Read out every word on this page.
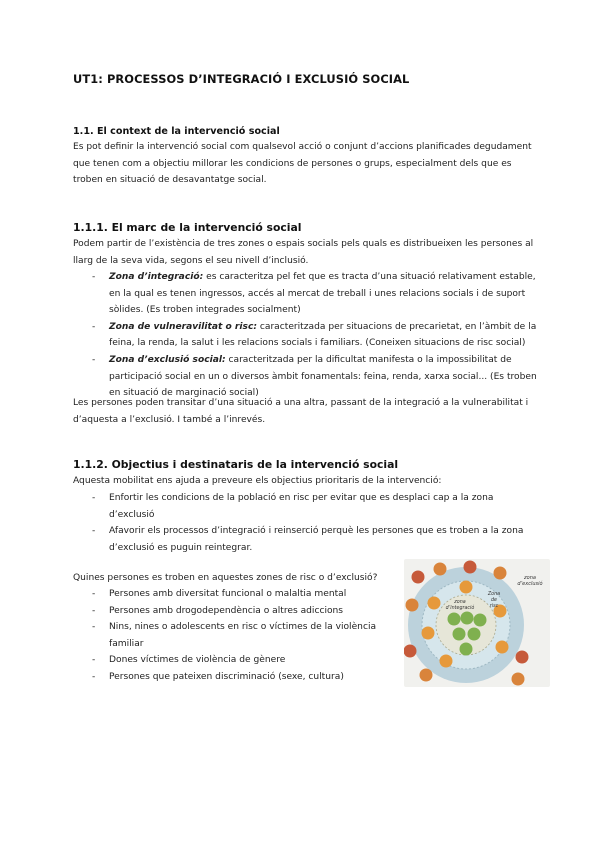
UT1: PROCESSOS D’INTEGRACIÓ I EXCLUSIÓ SOCIAL
1.1. El context de la intervenció social

Es pot definir la intervenció social com qualsevol acció o conjunt d’accions planificades degudament
que tenen com a objectiu millorar les condicions de persones o grups, especialment dels que es
troben en situació de desavantatge social.

1.1.1. El marc de la intervenció social

Podem partir de l’existència de tres zones o espais socials pels quals es distribueixen les persones al
llarg de la seva vida, segons el seu nivell d’inclusió.

- Zona d’integració: es caracteritza pel fet que es tracta d’una situació relativament estable,
en la qual es tenen ingressos, accés al mercat de treball i unes relacions socials i de suport
sòlides. (Es troben integrades socialment)
- Zona de vulneravilitat o risc: caracteritzada per situacions de precarietat, en l’àmbit de la
feina, la renda, la salut i les relacions socials i familiars. (Coneixen situacions de risc social)
- Zona d’exclusió social: caracteritzada per la dificultat manifesta o la impossibilitat de
participació social en un o diversos àmbit fonamentals: feina, renda, xarxa social... (Es troben
en situació de marginació social)

Les persones poden transitar d’una situació a una altra, passant de la integració a la vulnerabilitat i
d’aquesta a l’exclusió. I també a l’inrevés.

1.1.2. Objectius i destinataris de la intervenció social

Aquesta mobilitat ens ajuda a preveure els objectius prioritaris de la intervenció:

- Enfortir les condicions de la població en risc per evitar que es desplaci cap a la zona
d’exclusió
- Afavorir els processos d’integració i reinserció perquè les persones que es troben a la zona
d’exclusió es puguin reintegrar.

Quines persones es troben en aquestes zones de risc o d’exclusió?

- Persones amb diversitat funcional o malaltia mental
- Persones amb drogodependència o altres adiccions
- Nins, nines o adolescents en risc o víctimes de la violència
familiar
- Dones víctimes de violència de gènere
- Persones que pateixen discriminació (sexe, cultura)
zona
d’exclusió
Zona
de
risc
zona
d’integració
